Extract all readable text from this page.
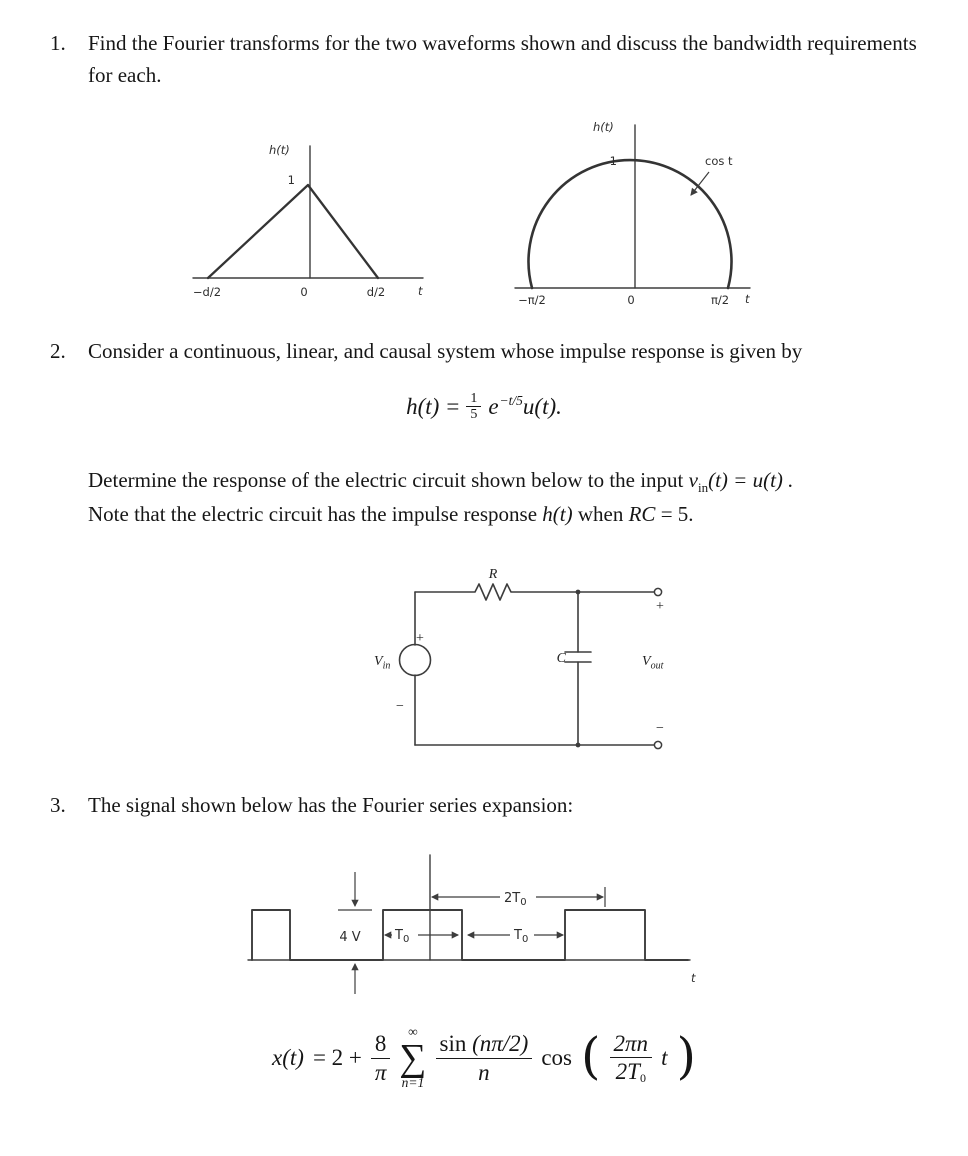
1.	Find the Fourier transforms for the two waveforms shown and discuss the bandwidth requirements for each.
h(t)
1
−d/2	0	d/2	t
h(t)
1	cos t
−π/2	0	π/2 t
2.	Consider a continuous, linear, and causal system whose impulse response is given by
$h(t) = \frac{1}{5} e^{-t/5}u(t)$.
Determine the response of the electric circuit shown below to the input $v_{in}(t) = u(t)$ .
Note that the electric circuit has the impulse response h(t) when RC = 5.
R
+
−
$V_{in}$	C
+
−
$V_{out}$
3.	The signal shown below has the Fourier series expansion:
4 V	$T_0$	$T_0$
$2T_0$
t
$x(t) = 2 + \frac{8}{\pi}$ ∞
∑
$n=1 \frac{\sin (n\pi/2)}{n}$ cos ( $\frac{2\pi n}{2T_0}$ t )
